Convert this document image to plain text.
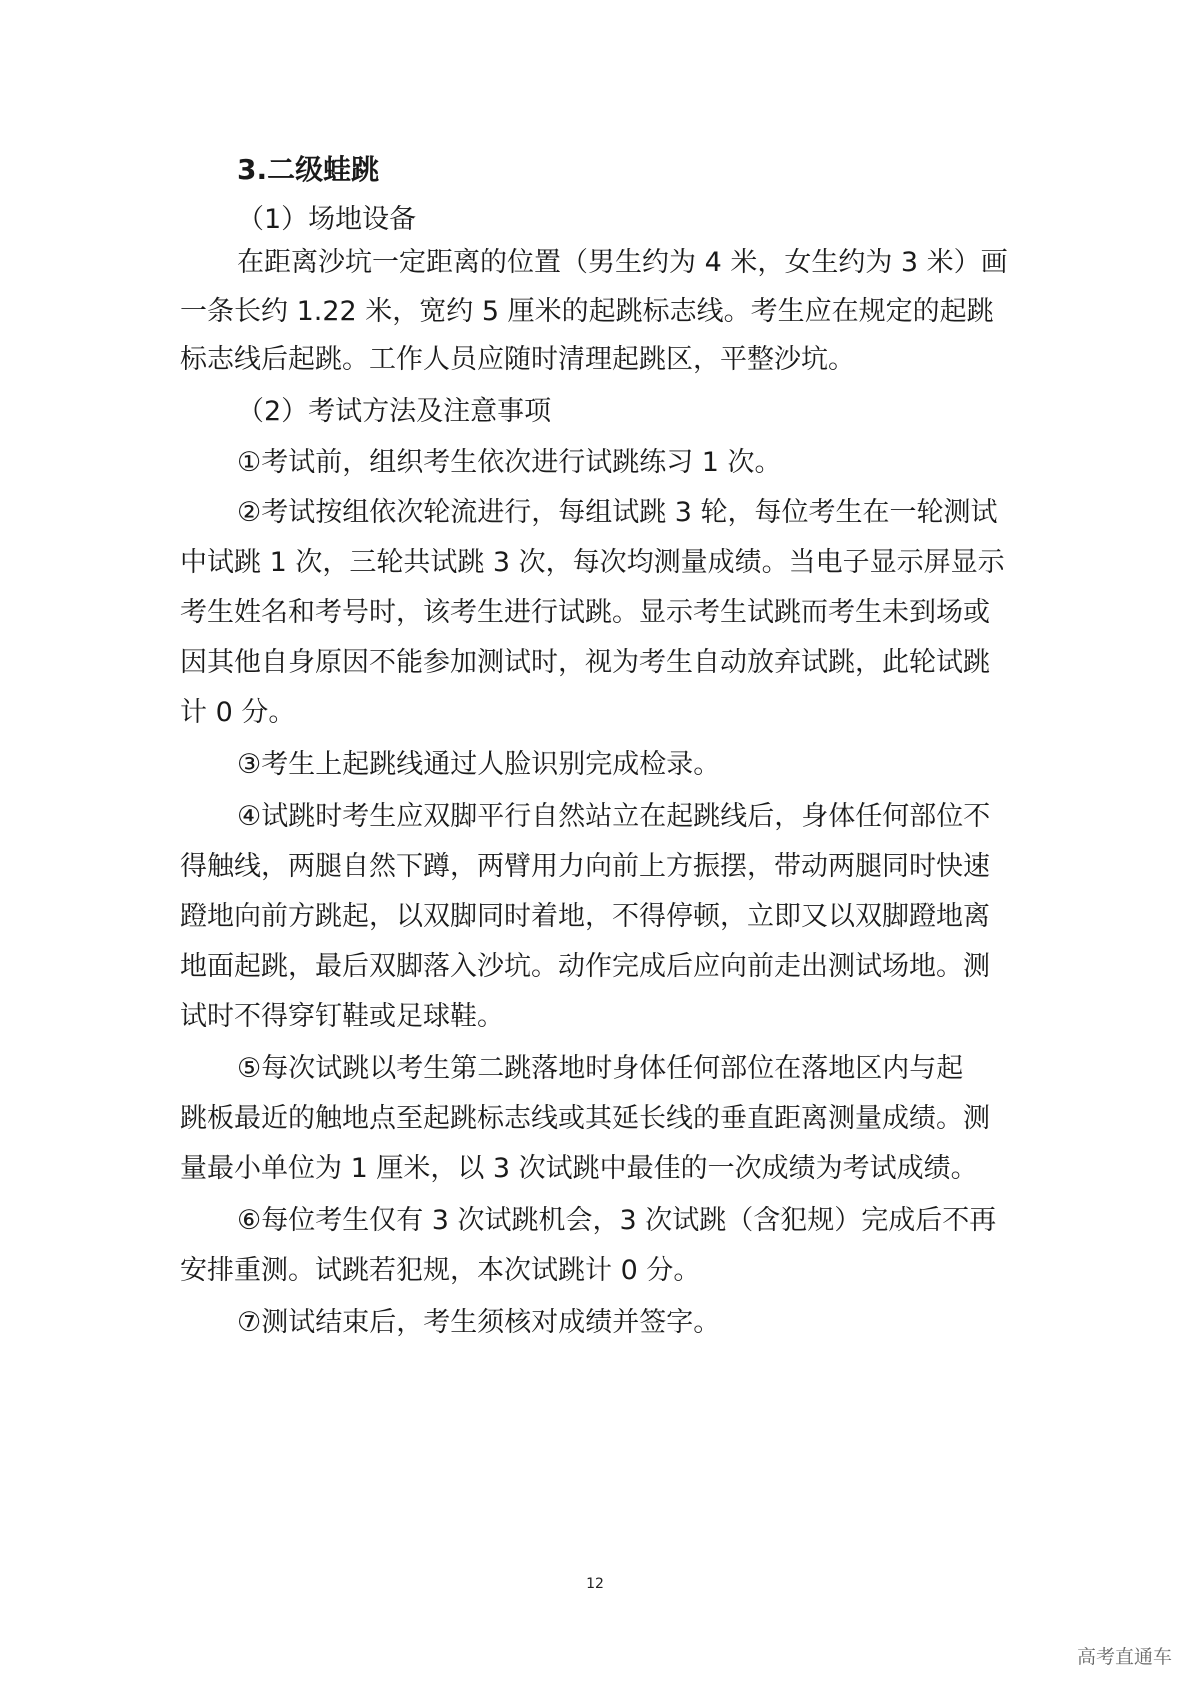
3.二级蛙跳

（1）场地设备

在距离沙坑一定距离的位置（男生约为 4 米，女生约为 3 米）画

一条长约 1.22 米，宽约 5 厘米的起跳标志线。考生应在规定的起跳

标志线后起跳。工作人员应随时清理起跳区，平整沙坑。

（2）考试方法及注意事项

①考试前，组织考生依次进行试跳练习 1 次。

②考试按组依次轮流进行，每组试跳 3 轮，每位考生在一轮测试

中试跳 1 次，三轮共试跳 3 次，每次均测量成绩。当电子显示屏显示

考生姓名和考号时，该考生进行试跳。显示考生试跳而考生未到场或

因其他自身原因不能参加测试时，视为考生自动放弃试跳，此轮试跳

计 0 分。

③考生上起跳线通过人脸识别完成检录。

④试跳时考生应双脚平行自然站立在起跳线后，身体任何部位不

得触线，两腿自然下蹲，两臂用力向前上方振摆，带动两腿同时快速

蹬地向前方跳起，以双脚同时着地，不得停顿，立即又以双脚蹬地离

地面起跳，最后双脚落入沙坑。动作完成后应向前走出测试场地。测

试时不得穿钉鞋或足球鞋。

⑤每次试跳以考生第二跳落地时身体任何部位在落地区内与起

跳板最近的触地点至起跳标志线或其延长线的垂直距离测量成绩。测

量最小单位为 1 厘米，以 3 次试跳中最佳的一次成绩为考试成绩。

⑥每位考生仅有 3 次试跳机会，3 次试跳（含犯规）完成后不再

安排重测。试跳若犯规，本次试跳计 0 分。

⑦测试结束后，考生须核对成绩并签字。

12
高考直通车
